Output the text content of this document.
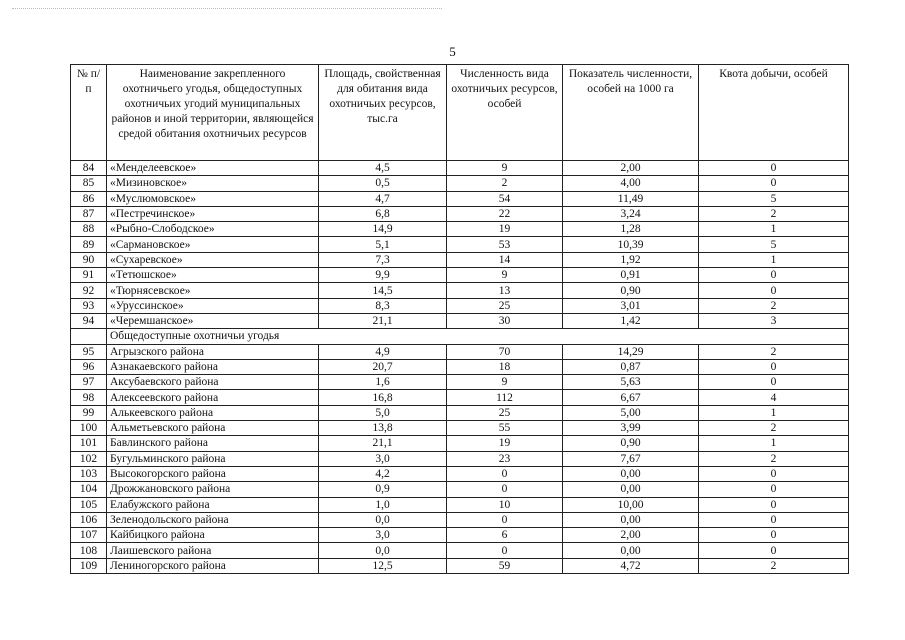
5
№ п/п	Наименование закрепленного охотничьего угодья, общедоступных охотничьих угодий муниципальных районов и иной территории, являющейся средой обитания охотничьих ресурсов	Площадь, свойственная для обитания вида охотничьих ресурсов, тыс.га	Численность вида охотничьих ресурсов, особей	Показатель численности, особей на 1000 га	Квота добычи, особей
84	«Менделеевское»	4,5	9	2,00	0
85	«Мизиновское»	0,5	2	4,00	0
86	«Муслюмовское»	4,7	54	11,49	5
87	«Пестречинское»	6,8	22	3,24	2
88	«Рыбно-Слободское»	14,9	19	1,28	1
89	«Сармановское»	5,1	53	10,39	5
90	«Сухаревское»	7,3	14	1,92	1
91	«Тетюшское»	9,9	9	0,91	0
92	«Тюрнясевское»	14,5	13	0,90	0
93	«Уруссинское»	8,3	25	3,01	2
94	«Черемшанское»	21,1	30	1,42	3
	Общедоступные охотничьи угодья				
95	Агрызского района	4,9	70	14,29	2
96	Азнакаевского района	20,7	18	0,87	0
97	Аксубаевского района	1,6	9	5,63	0
98	Алексеевского района	16,8	112	6,67	4
99	Алькеевского района	5,0	25	5,00	1
100	Альметьевского района	13,8	55	3,99	2
101	Бавлинского района	21,1	19	0,90	1
102	Бугульминского района	3,0	23	7,67	2
103	Высокогорского района	4,2	0	0,00	0
104	Дрожжановского района	0,9	0	0,00	0
105	Елабужского района	1,0	10	10,00	0
106	Зеленодольского района	0,0	0	0,00	0
107	Кайбицкого района	3,0	6	2,00	0
108	Лаишевского района	0,0	0	0,00	0
109	Лениногорского района	12,5	59	4,72	2
